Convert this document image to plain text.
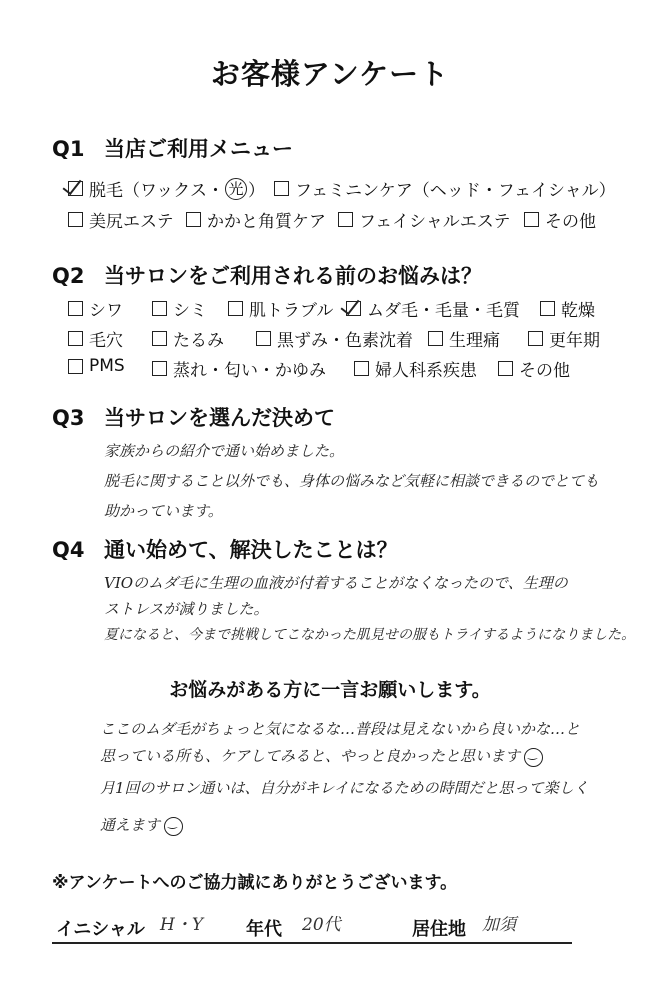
お客様アンケート
Q1 当店ご利用メニュー
脱毛（ワックス・ 光 ） フェミニンケア（ヘッド・フェイシャル）
美尻エステ かかと角質ケア フェイシャルエステ その他
Q2 当サロンをご利用される前のお悩みは？
シワ	シミ 肌トラブル ムダ毛・毛量・毛質 乾燥
毛穴	たるみ	黒ずみ・色素沈着 生理痛	更年期
PMS	蒸れ・匂い・かゆみ	婦人科系疾患 その他
Q3 当サロンを選んだ決めて
家族からの紹介で通い始めました。
脱毛に関すること以外でも、身体の悩みなど気軽に相談できるのでとても
助かっています。
Q4 通い始めて、解決したことは？
VIOのムダ毛に生理の血液が付着することがなくなったので、生理の
ストレスが減りました。
夏になると、今まで挑戦してこなかった肌見せの服もトライするようになりました。
お悩みがある方に一言お願いします。
ここのムダ毛がちょっと気になるな…普段は見えないから良いかな…と
思っている所も、ケアしてみると、やっと良かったと思います‿
月1回のサロン通いは、自分がキレイになるための時間だと思って楽しく
通えます‿
※アンケートへのご協力誠にありがとうございます。
イニシャル H・Y 年代 20代	居住地 加須
